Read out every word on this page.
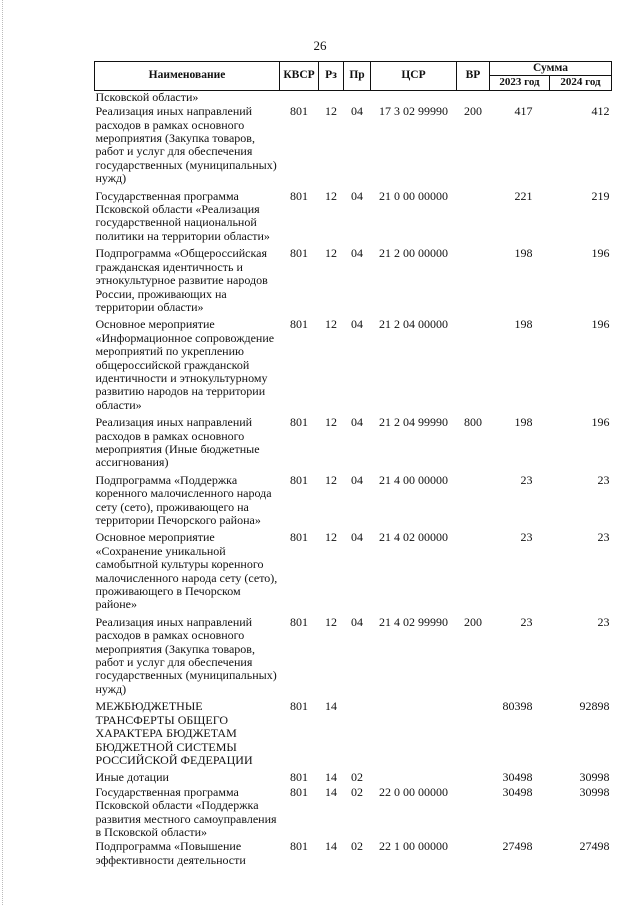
26
Наименование	КВСР	Рз	Пр	ЦСР	ВР	Сумма	
						2023 год	2024 год
Псковской области»							
Реализация иных направлений расходов в рамках основного мероприятия (Закупка товаров, работ и услуг для обеспечения государственных (муниципальных) нужд)	801	12	04	17 3 02 99990	200	417	412
Государственная программа Псковской области «Реализация государственной национальной политики на территории области»	801	12	04	21 0 00 00000		221	219
Подпрограмма «Общероссийская гражданская идентичность и этнокультурное развитие народов России, проживающих на территории области»	801	12	04	21 2 00 00000		198	196
Основное мероприятие «Информационное сопровождение мероприятий по укреплению общероссийской гражданской идентичности и этнокультурному развитию народов на территории области»	801	12	04	21 2 04 00000		198	196
Реализация иных направлений расходов в рамках основного мероприятия (Иные бюджетные ассигнования)	801	12	04	21 2 04 99990	800	198	196
Подпрограмма «Поддержка коренного малочисленного народа сету (сето), проживающего на территории Печорского района»	801	12	04	21 4 00 00000		23	23
Основное мероприятие «Сохранение уникальной самобытной культуры коренного малочисленного народа сету (сето), проживающего в Печорском районе»	801	12	04	21 4 02 00000		23	23
Реализация иных направлений расходов в рамках основного мероприятия (Закупка товаров, работ и услуг для обеспечения государственных (муниципальных) нужд)	801	12	04	21 4 02 99990	200	23	23
МЕЖБЮДЖЕТНЫЕ ТРАНСФЕРТЫ ОБЩЕГО ХАРАКТЕРА БЮДЖЕТАМ БЮДЖЕТНОЙ СИСТЕМЫ РОССИЙСКОЙ ФЕДЕРАЦИИ	801	14				80398	92898
Иные дотации	801	14	02			30498	30998
Государственная программа Псковской области «Поддержка развития местного самоуправления в Псковской области»	801	14	02	22 0 00 00000		30498	30998
Подпрограмма «Повышение эффективности деятельности	801	14	02	22 1 00 00000		27498	27498
